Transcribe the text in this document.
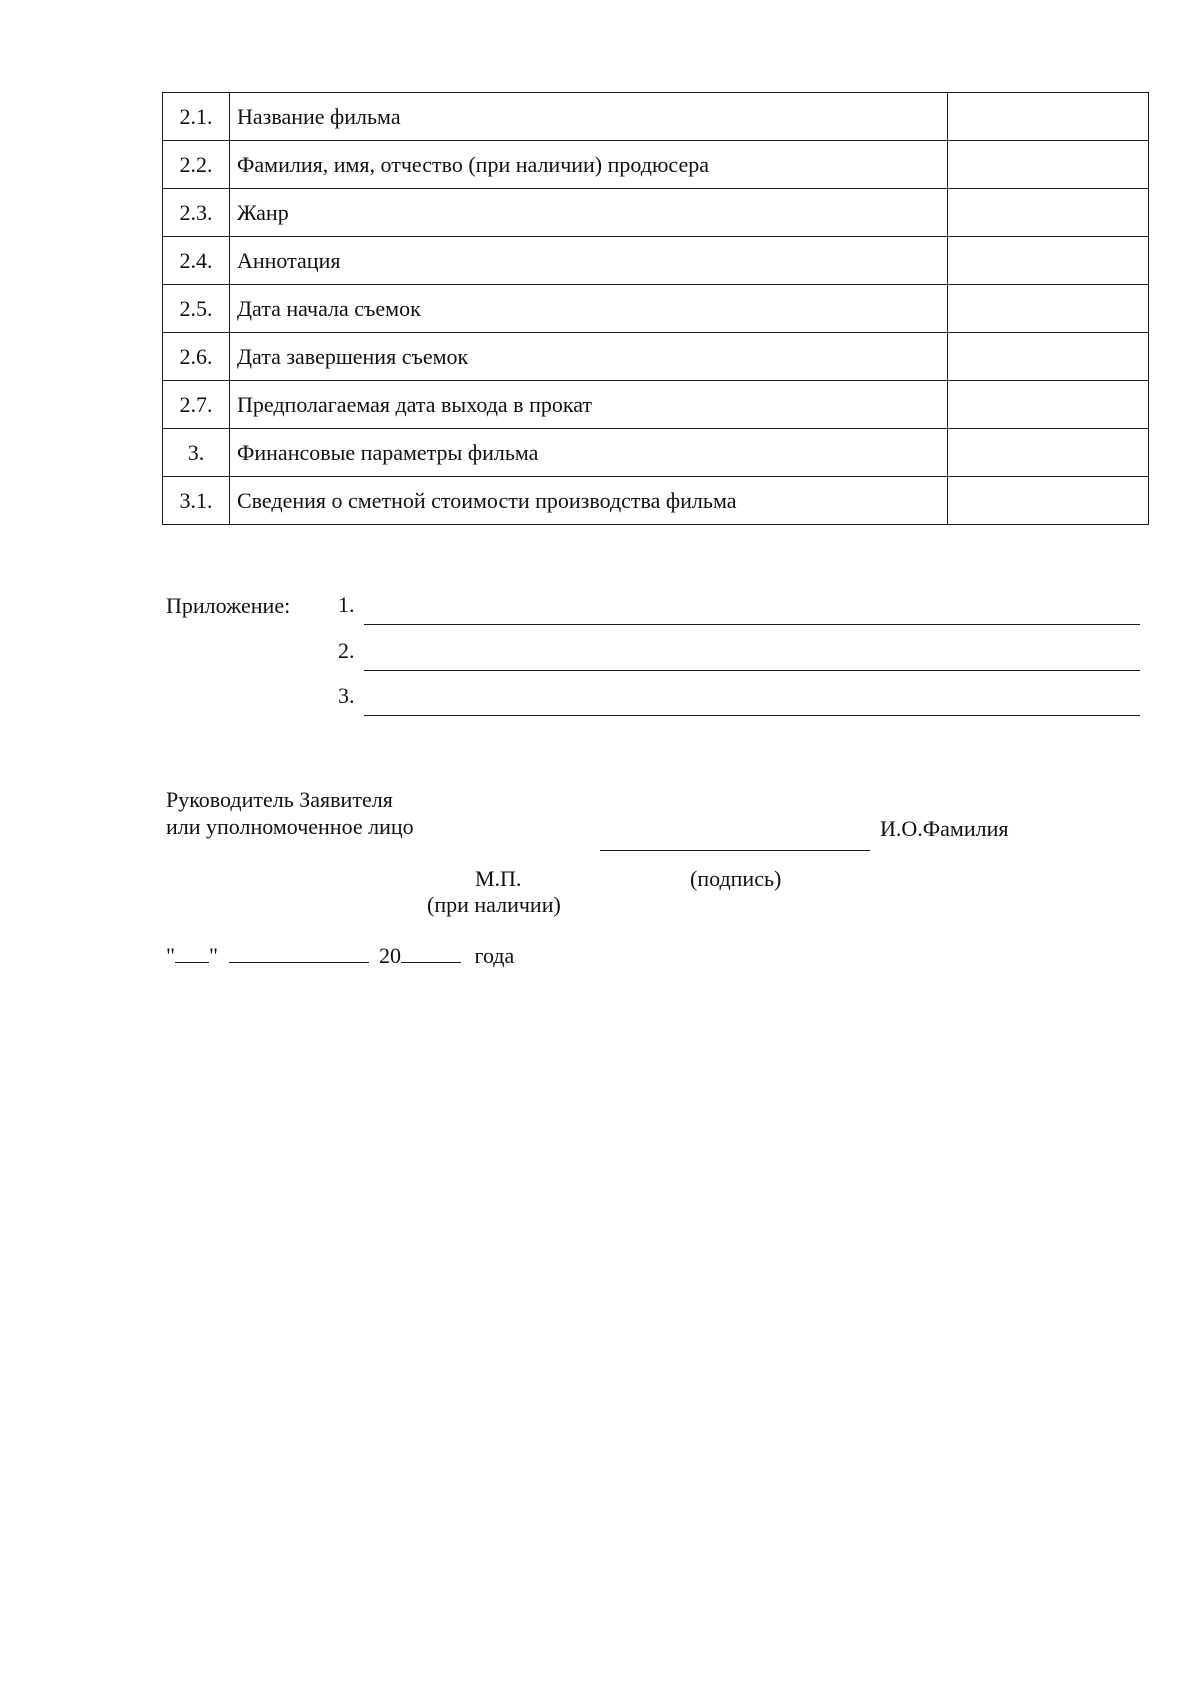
2.1.	Название фильма	
2.2.	Фамилия, имя, отчество (при наличии) продюсера	
2.3.	Жанр	
2.4.	Аннотация	
2.5.	Дата начала съемок	
2.6.	Дата завершения съемок	
2.7.	Предполагаемая дата выхода в прокат	
3.	Финансовые параметры фильма	
3.1.	Сведения о сметной стоимости производства фильма	
Приложение: 1.
2.
3.
Руководитель Заявителя
или уполномоченное лицо	И.О.Фамилия
М.П.	(подпись)
(при наличии)
" "	20	года
